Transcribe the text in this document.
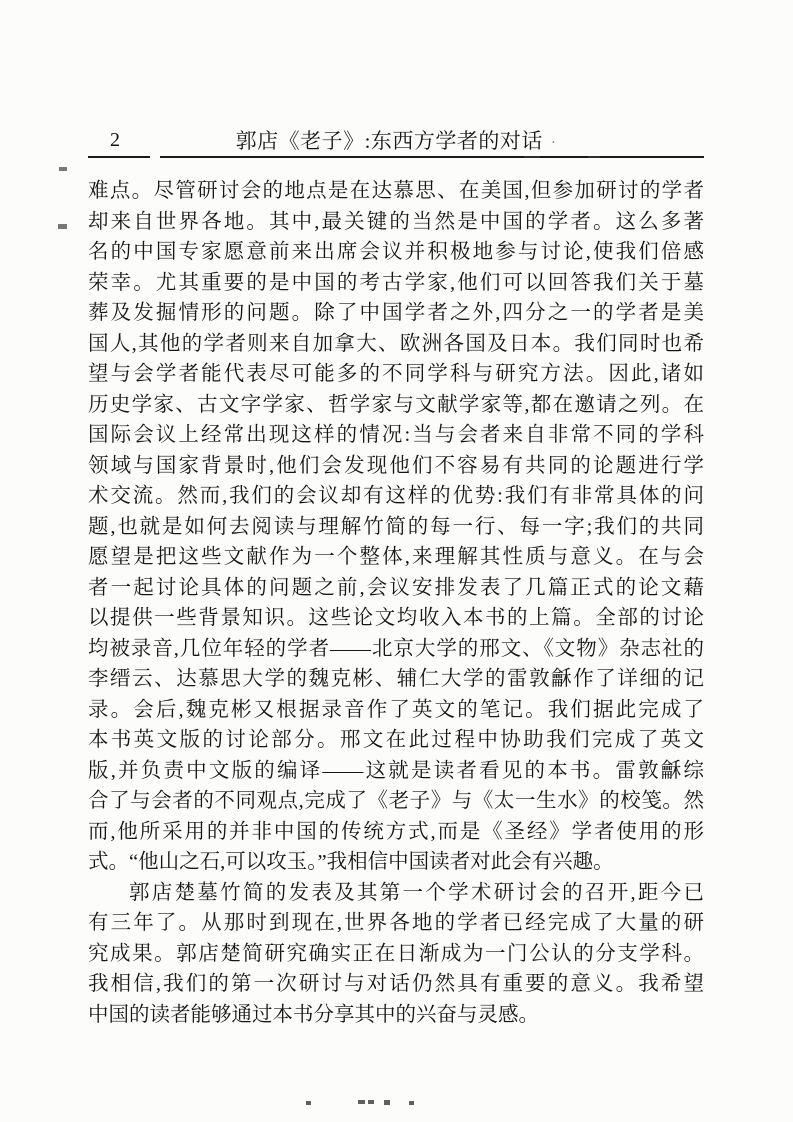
2	郭店《老子》:东西方学者的对话 ·
难点。尽管研讨会的地点是在达慕思、在美国,但参加研讨的学者
却来自世界各地。其中,最关键的当然是中国的学者。这么多著
名的中国专家愿意前来出席会议并积极地参与讨论,使我们倍感
荣幸。尤其重要的是中国的考古学家,他们可以回答我们关于墓
葬及发掘情形的问题。除了中国学者之外,四分之一的学者是美
国人,其他的学者则来自加拿大、欧洲各国及日本。我们同时也希
望与会学者能代表尽可能多的不同学科与研究方法。因此,诸如
历史学家、古文字学家、哲学家与文献学家等,都在邀请之列。在
国际会议上经常出现这样的情况:当与会者来自非常不同的学科
领域与国家背景时,他们会发现他们不容易有共同的论题进行学
术交流。然而,我们的会议却有这样的优势:我们有非常具体的问
题,也就是如何去阅读与理解竹简的每一行、每一字;我们的共同
愿望是把这些文献作为一个整体,来理解其性质与意义。在与会
者一起讨论具体的问题之前,会议安排发表了几篇正式的论文藉
以提供一些背景知识。这些论文均收入本书的上篇。全部的讨论
均被录音,几位年轻的学者——北京大学的邢文、《文物》杂志社的
李缙云、达慕思大学的魏克彬、辅仁大学的雷敦龢作了详细的记
录。会后,魏克彬又根据录音作了英文的笔记。我们据此完成了
本书英文版的讨论部分。邢文在此过程中协助我们完成了英文
版,并负责中文版的编译——这就是读者看见的本书。雷敦龢综
合了与会者的不同观点,完成了《老子》与《太一生水》的校笺。然
而,他所采用的并非中国的传统方式,而是《圣经》学者使用的形
式。“他山之石,可以攻玉。”我相信中国读者对此会有兴趣。
郭店楚墓竹简的发表及其第一个学术研讨会的召开,距今已
有三年了。从那时到现在,世界各地的学者已经完成了大量的研
究成果。郭店楚简研究确实正在日渐成为一门公认的分支学科。
我相信,我们的第一次研讨与对话仍然具有重要的意义。我希望
中国的读者能够通过本书分享其中的兴奋与灵感。
